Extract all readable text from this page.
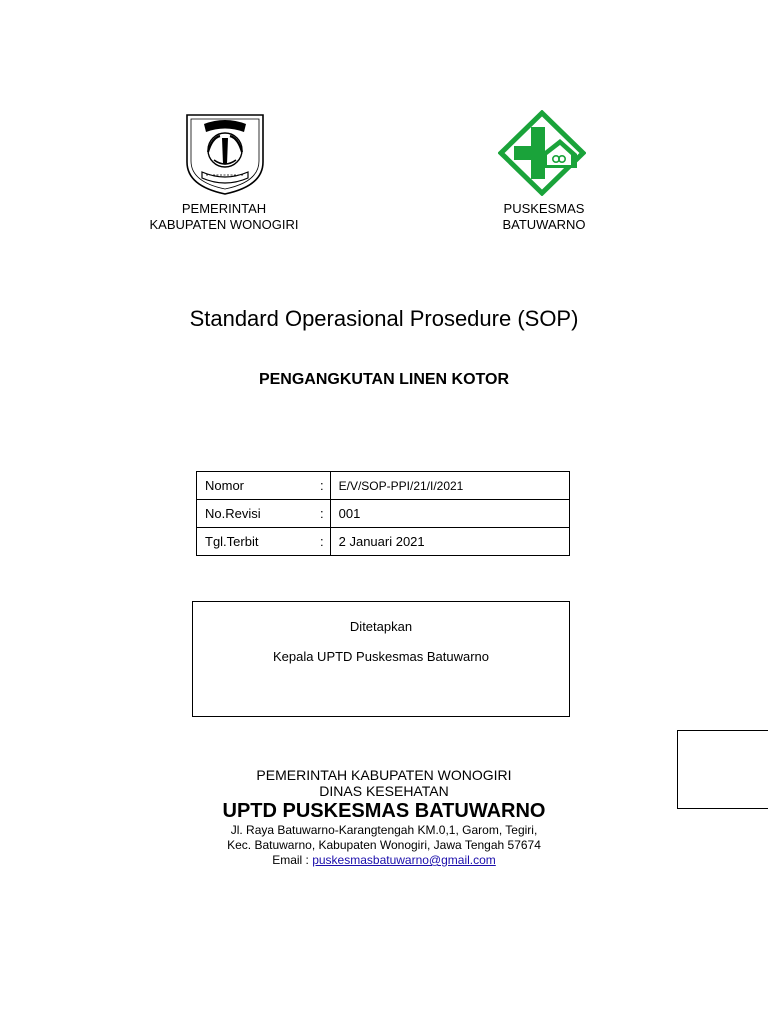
PEMERINTAH
KABUPATEN WONOGIRI
PUSKESMAS
BATUWARNO
Standard Operasional Prosedure (SOP)
PENGANGKUTAN LINEN KOTOR
Nomor	:	E/V/SOP-PPI/21/I/2021
No.Revisi	:	001
Tgl.Terbit	:	2 Januari 2021
Ditetapkan
Kepala UPTD Puskesmas Batuwarno
PEMERINTAH KABUPATEN WONOGIRI
DINAS KESEHATAN
UPTD PUSKESMAS BATUWARNO
Jl. Raya Batuwarno-Karangtengah KM.0,1, Garom, Tegiri,
Kec. Batuwarno, Kabupaten Wonogiri, Jawa Tengah 57674
Email : puskesmasbatuwarno@gmail.com
